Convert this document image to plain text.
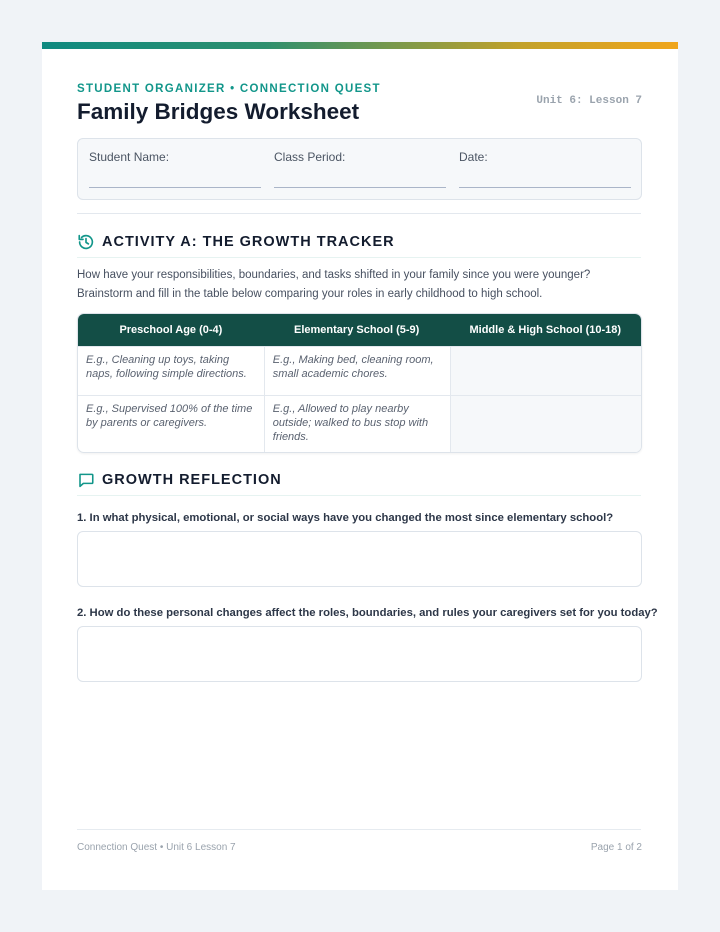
STUDENT ORGANIZER • CONNECTION QUEST
Family Bridges Worksheet	Unit 6: Lesson 7
Student Name:	Class Period:	Date:
ACTIVITY A: THE GROWTH TRACKER
How have your responsibilities, boundaries, and tasks shifted in your family since you were younger? Brainstorm and fill in the table below comparing your roles in early childhood to high school.
Preschool Age (0-4)	Elementary School (5-9)	Middle & High School (10-18)
E.g., Cleaning up toys, taking naps, following simple directions.	E.g., Making bed, cleaning room, small academic chores.	
E.g., Supervised 100% of the time by parents or caregivers.	E.g., Allowed to play nearby outside; walked to bus stop with friends.	
GROWTH REFLECTION
1. In what physical, emotional, or social ways have you changed the most since elementary school?
2. How do these personal changes affect the roles, boundaries, and rules your caregivers set for you today?
Connection Quest • Unit 6 Lesson 7	Page 1 of 2
